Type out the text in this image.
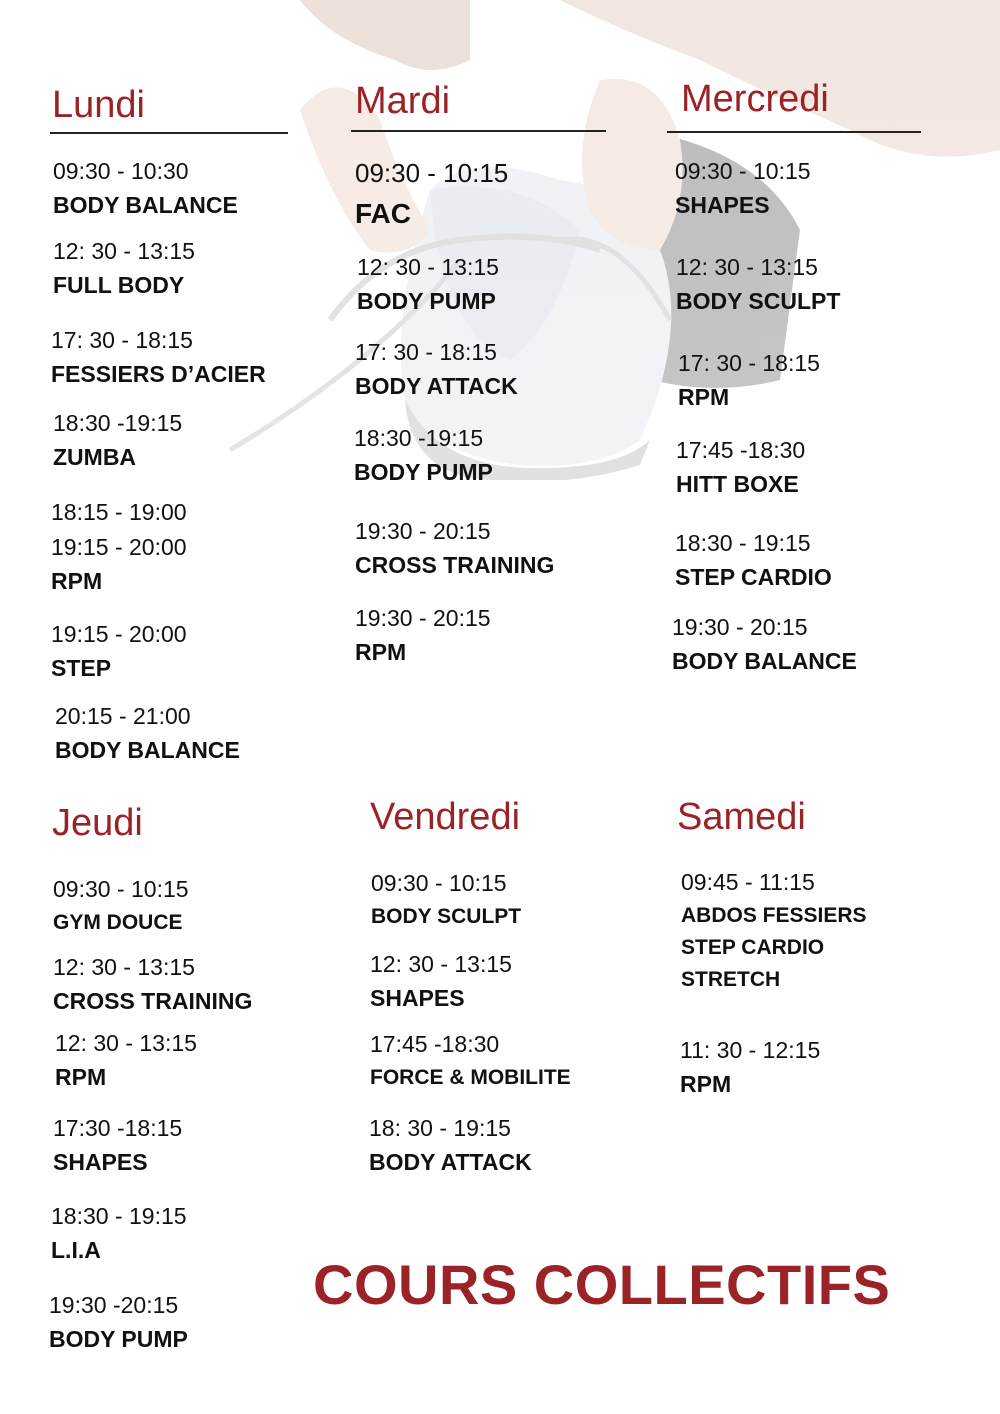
Lundi
09:30 - 10:30
BODY BALANCE
12: 30 - 13:15
FULL BODY
17: 30 - 18:15
FESSIERS D’ACIER
18:30 -19:15
ZUMBA
18:15 - 19:00
19:15 - 20:00
RPM
19:15 - 20:00
STEP
20:15 - 21:00
BODY BALANCE
Mardi
09:30 - 10:15
FAC
12: 30 - 13:15
BODY PUMP
17: 30 - 18:15
BODY ATTACK
18:30 -19:15
BODY PUMP
19:30 - 20:15
CROSS TRAINING
19:30 - 20:15
RPM
Mercredi
09:30 - 10:15
SHAPES
12: 30 - 13:15
BODY SCULPT
17: 30 - 18:15
RPM
17:45 -18:30
HITT BOXE
18:30 - 19:15
STEP CARDIO
19:30 - 20:15
BODY BALANCE
Jeudi
09:30 - 10:15
GYM DOUCE
12: 30 - 13:15
CROSS TRAINING
12: 30 - 13:15
RPM
17:30 -18:15
SHAPES
18:30 - 19:15
L.I.A
19:30 -20:15
BODY PUMP
Vendredi
09:30 - 10:15
BODY SCULPT
12: 30 - 13:15
SHAPES
17:45 -18:30
FORCE & MOBILITE
18: 30 - 19:15
BODY ATTACK
Samedi
09:45 - 11:15
ABDOS FESSIERS
STEP CARDIO
STRETCH
11: 30 - 12:15
RPM
COURS COLLECTIFS
